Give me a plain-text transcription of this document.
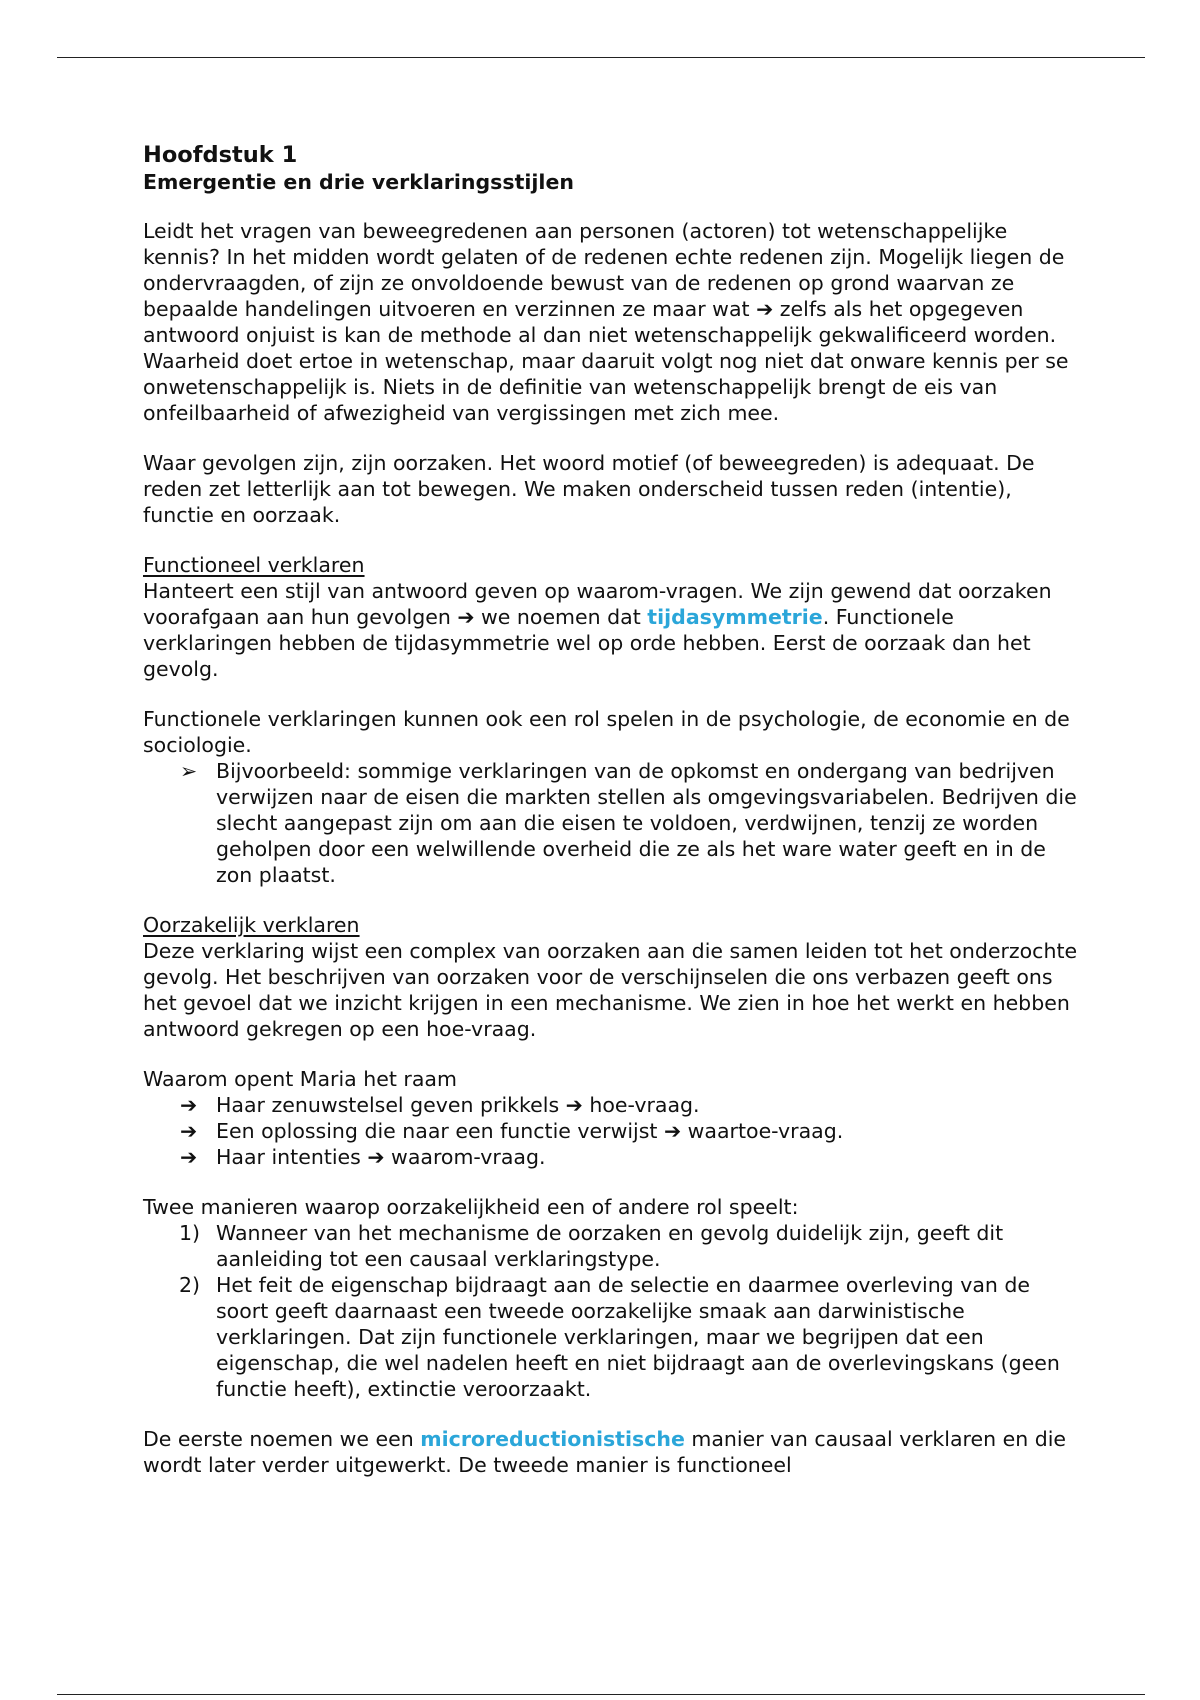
Hoofdstuk 1
Emergentie en drie verklaringsstijlen

Leidt het vragen van beweegredenen aan personen (actoren) tot wetenschappelijke kennis? In het midden wordt gelaten of de redenen echte redenen zijn. Mogelijk liegen de ondervraagden, of zijn ze onvoldoende bewust van de redenen op grond waarvan ze bepaalde handelingen uitvoeren en verzinnen ze maar wat ➔ zelfs als het opgegeven antwoord onjuist is kan de methode al dan niet wetenschappelijk gekwalificeerd worden. Waarheid doet ertoe in wetenschap, maar daaruit volgt nog niet dat onware kennis per se onwetenschappelijk is. Niets in de definitie van wetenschappelijk brengt de eis van onfeilbaarheid of afwezigheid van vergissingen met zich mee.

Waar gevolgen zijn, zijn oorzaken. Het woord motief (of beweegreden) is adequaat. De reden zet letterlijk aan tot bewegen. We maken onderscheid tussen reden (intentie), functie en oorzaak.

Functioneel verklaren

Hanteert een stijl van antwoord geven op waarom-vragen. We zijn gewend dat oorzaken voorafgaan aan hun gevolgen ➔ we noemen dat tijdasymmetrie. Functionele verklaringen hebben de tijdasymmetrie wel op orde hebben. Eerst de oorzaak dan het gevolg.

Functionele verklaringen kunnen ook een rol spelen in de psychologie, de economie en de sociologie.

➢ Bijvoorbeeld: sommige verklaringen van de opkomst en ondergang van bedrijven verwijzen naar de eisen die markten stellen als omgevingsvariabelen. Bedrijven die slecht aangepast zijn om aan die eisen te voldoen, verdwijnen, tenzij ze worden geholpen door een welwillende overheid die ze als het ware water geeft en in de zon plaatst.
Oorzakelijk verklaren

Deze verklaring wijst een complex van oorzaken aan die samen leiden tot het onderzochte gevolg. Het beschrijven van oorzaken voor de verschijnselen die ons verbazen geeft ons het gevoel dat we inzicht krijgen in een mechanisme. We zien in hoe het werkt en hebben antwoord gekregen op een hoe-vraag.

Waarom opent Maria het raam

➔ Haar zenuwstelsel geven prikkels ➔ hoe-vraag.
➔ Een oplossing die naar een functie verwijst ➔ waartoe-vraag.
➔ Haar intenties ➔ waarom-vraag.

Twee manieren waarop oorzakelijkheid een of andere rol speelt:

1) Wanneer van het mechanisme de oorzaken en gevolg duidelijk zijn, geeft dit aanleiding tot een causaal verklaringstype.
2) Het feit de eigenschap bijdraagt aan de selectie en daarmee overleving van de soort geeft daarnaast een tweede oorzakelijke smaak aan darwinistische verklaringen. Dat zijn functionele verklaringen, maar we begrijpen dat een eigenschap, die wel nadelen heeft en niet bijdraagt aan de overlevingskans (geen functie heeft), extinctie veroorzaakt.

De eerste noemen we een microreductionistische manier van causaal verklaren en die wordt later verder uitgewerkt. De tweede manier is functioneel
